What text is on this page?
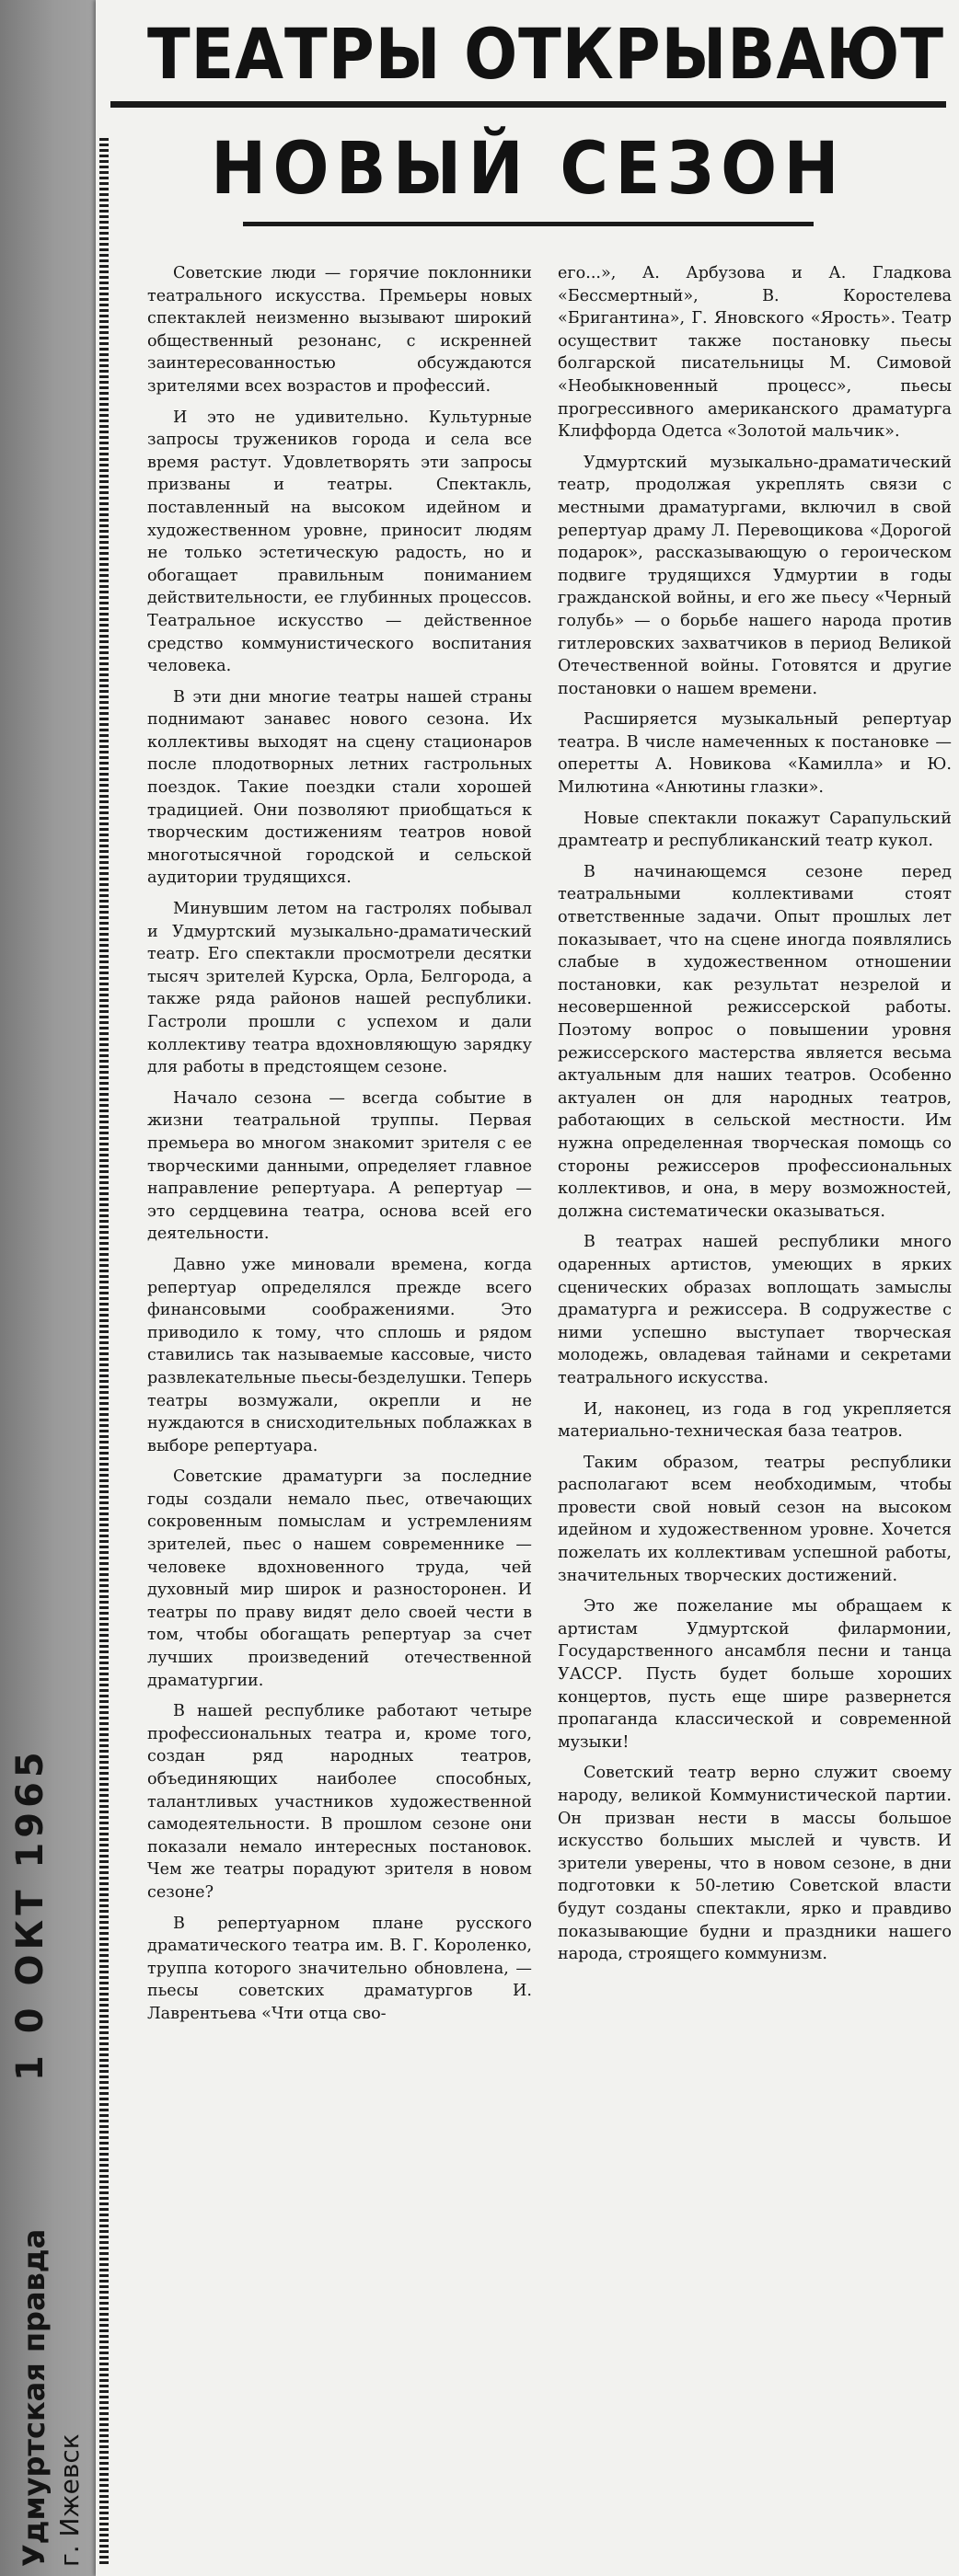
Удмуртская правда
1 0 ОКТ 1965
г. Ижевск
ТЕАТРЫ ОТКРЫВАЮТ
НОВЫЙ СЕЗОН

Советские люди — горячие поклонники театрального искусства. Премьеры новых спектаклей неизменно вызывают широкий общественный резонанс, с искренней заинтересованностью обсуждаются зрителями всех возрастов и профессий.

И это не удивительно. Культурные запросы тружеников города и села все время растут. Удовлетворять эти запросы призваны и театры. Спектакль, поставленный на высоком идейном и художественном уровне, приносит людям не только эстетическую радость, но и обогащает правильным пониманием действительности, ее глубинных процессов. Театральное искусство — действенное средство коммунистического воспитания человека.

В эти дни многие театры нашей страны поднимают занавес нового сезона. Их коллективы выходят на сцену стационаров после плодотворных летних гастрольных поездок. Такие поездки стали хорошей традицией. Они позволяют приобщаться к творческим достижениям театров новой многотысячной городской и сельской аудитории трудящихся.

Минувшим летом на гастролях побывал и Удмуртский музыкально-драматический театр. Его спектакли просмотрели десятки тысяч зрителей Курска, Орла, Белгорода, а также ряда районов нашей республики. Гастроли прошли с успехом и дали коллективу театра вдохновляющую зарядку для работы в предстоящем сезоне.

Начало сезона — всегда событие в жизни театральной труппы. Первая премьера во многом знакомит зрителя с ее творческими данными, определяет главное направление репертуара. А репертуар — это сердцевина театра, основа всей его деятельности.

Давно уже миновали времена, когда репертуар определялся прежде всего финансовыми соображениями. Это приводило к тому, что сплошь и рядом ставились так называемые кассовые, чисто развлекательные пьесы-безделушки. Теперь театры возмужали, окрепли и не нуждаются в снисходительных поблажках в выборе репертуара.

Советские драматурги за последние годы создали немало пьес, отвечающих сокровенным помыслам и устремлениям зрителей, пьес о нашем современнике — человеке вдохновенного труда, чей духовный мир широк и разносторонен. И театры по праву видят дело своей чести в том, чтобы обогащать репертуар за счет лучших произведений отечественной драматургии.

В нашей республике работают четыре профессиональных театра и, кроме того, создан ряд народных театров, объединяющих наиболее способных, талантливых участников художественной самодеятельности. В прошлом сезоне они показали немало интересных постановок. Чем же театры порадуют зрителя в новом сезоне?

В репертуарном плане русского драматического театра им. В. Г. Короленко, труппа которого значительно обновлена, — пьесы советских драматургов И. Лаврентьева «Чти отца сво-

его...», А. Арбузова и А. Гладкова «Бессмертный», В. Коростелева «Бригантина», Г. Яновского «Ярость». Театр осуществит также постановку пьесы болгарской писательницы М. Симовой «Необыкновенный процесс», пьесы прогрессивного американского драматурга Клиффорда Одетса «Золотой мальчик».

Удмуртский музыкально-драматический театр, продолжая укреплять связи с местными драматургами, включил в свой репертуар драму Л. Перевощикова «Дорогой подарок», рассказывающую о героическом подвиге трудящихся Удмуртии в годы гражданской войны, и его же пьесу «Черный голубь» — о борьбе нашего народа против гитлеровских захватчиков в период Великой Отечественной войны. Готовятся и другие постановки о нашем времени.

Расширяется музыкальный репертуар театра. В числе намеченных к постановке — оперетты А. Новикова «Камилла» и Ю. Милютина «Анютины глазки».

Новые спектакли покажут Сарапульский драмтеатр и республиканский театр кукол.

В начинающемся сезоне перед театральными коллективами стоят ответственные задачи. Опыт прошлых лет показывает, что на сцене иногда появлялись слабые в художественном отношении постановки, как результат незрелой и несовершенной режиссерской работы. Поэтому вопрос о повышении уровня режиссерского мастерства является весьма актуальным для наших театров. Особенно актуален он для народных театров, работающих в сельской местности. Им нужна определенная творческая помощь со стороны режиссеров профессиональных коллективов, и она, в меру возможностей, должна систематически оказываться.

В театрах нашей республики много одаренных артистов, умеющих в ярких сценических образах воплощать замыслы драматурга и режиссера. В содружестве с ними успешно выступает творческая молодежь, овладевая тайнами и секретами театрального искусства.

И, наконец, из года в год укрепляется материально-техническая база театров.

Таким образом, театры республики располагают всем необходимым, чтобы провести свой новый сезон на высоком идейном и художественном уровне. Хочется пожелать их коллективам успешной работы, значительных творческих достижений.

Это же пожелание мы обращаем к артистам Удмуртской филармонии, Государственного ансамбля песни и танца УАССР. Пусть будет больше хороших концертов, пусть еще шире развернется пропаганда классической и современной музыки!

Советский театр верно служит своему народу, великой Коммунистической партии. Он призван нести в массы большое искусство больших мыслей и чувств. И зрители уверены, что в новом сезоне, в дни подготовки к 50-летию Советской власти будут созданы спектакли, ярко и правдиво показывающие будни и праздники нашего народа, строящего коммунизм.
